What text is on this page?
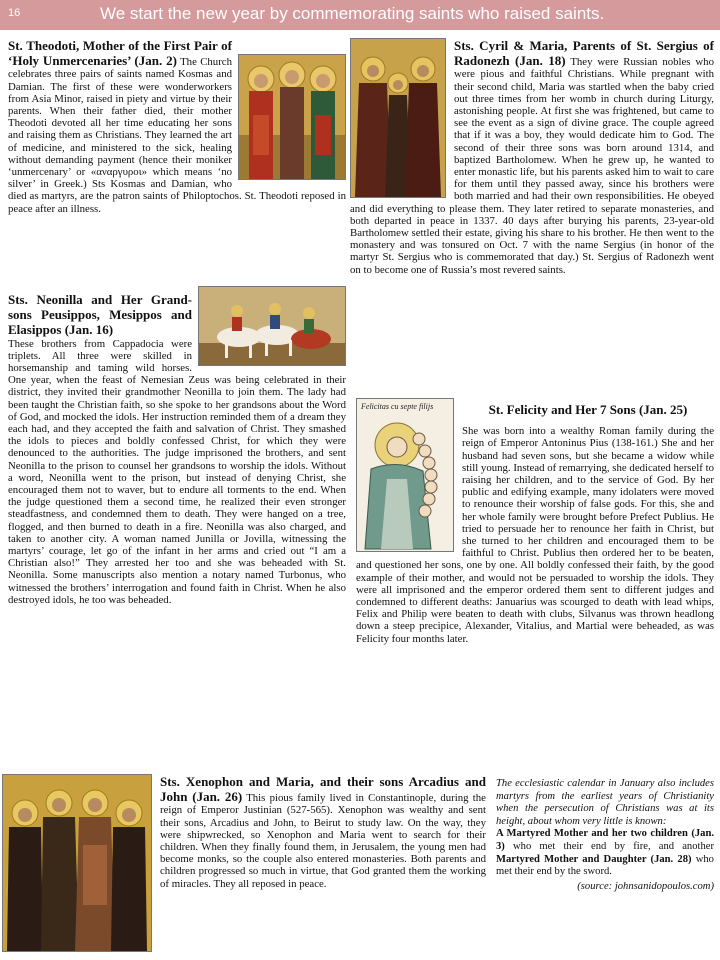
16	We start the new year by commemorating saints who raised saints.
St. Theodoti, Mother of the First Pair of ‘Holy Unmercenaries’ (Jan. 2) The Church celebrates three pairs of saints named Kosmas and Damian. The first of these were wonderworkers from Asia Minor, raised in piety and virtue by their parents. When their father died, their mother Theodoti devoted all her time educating her sons and raising them as Christians. They learned the art of medicine, and ministered to the sick, healing without demanding payment (hence their moniker ‘unmercenary’ or «αναργυροι» which means ‘no silver’ in Greek.) Sts Kosmas and Damian, who died as martyrs, are the patron saints of Philoptochos. St. Theodoti reposed in peace after an illness.
Sts. Neonilla and Her Grand-sons Peusippos, Mesippos and Elasippos (Jan. 16)
These brothers from Cappadocia were triplets. All three were skilled in horsemanship and taming wild horses. One year, when the feast of Nemesian Zeus was being celebrated in their district, they invited their grandmother Neonilla to join them. The lady had been taught the Christian faith, so she spoke to her grandsons about the Word of God, and mocked the idols. Her instruction reminded them of a dream they each had, and they accepted the faith and salvation of Christ. They smashed the idols to pieces and boldly confessed Christ, for which they were denounced to the authorities. The judge imprisoned the brothers, and sent Neonilla to the prison to counsel her grandsons to worship the idols. Without a word, Neonilla went to the prison, but instead of denying Christ, she encouraged them not to waver, but to endure all torments to the end. When the judge questioned them a second time, he realized their even stronger steadfastness, and condemned them to death. They were hanged on a tree, flogged, and then burned to death in a fire. Neonilla was also charged, and taken to another city. A woman named Junilla or Jovilla, witnessing the martyrs’ courage, let go of the infant in her arms and cried out “I am a Christian also!” They arrested her too and she was beheaded with St. Neonilla. Some manuscripts also mention a notary named Turbonus, who witnessed the brothers’ interrogation and found faith in Christ. When he also destroyed idols, he too was beheaded.
Sts. Cyril & Maria, Parents of St. Sergius of Radonezh (Jan. 18) They were Russian nobles who were pious and faithful Christians. While pregnant with their second child, Maria was startled when the baby cried out three times from her womb in church during Liturgy, astonishing people. At first she was frightened, but came to see the event as a sign of divine grace. The couple agreed that if it was a boy, they would dedicate him to God. The second of their three sons was born around 1314, and baptized Bartholomew. When he grew up, he wanted to enter monastic life, but his parents asked him to wait to care for them until they passed away, since his brothers were both married and had their own responsibilities. He obeyed and did everything to please them. They later retired to separate monasteries, and both departed in peace in 1337. 40 days after burying his parents, 23-year-old Bartholomew settled their estate, giving his share to his brother. He then went to the monastery and was tonsured on Oct. 7 with the name Sergius (in honor of the martyr St. Sergius who is commemorated that day.) St. Sergius of Radonezh went on to become one of Russia’s most revered saints.
Felicitas cu septe filijs	St. Felicity and Her 7 Sons (Jan. 25)
She was born into a wealthy Roman family during the reign of Emperor Antoninus Pius (138-161.) She and her husband had seven sons, but she became a widow while still young. Instead of remarrying, she dedicated herself to raising her children, and to the service of God. By her public and edifying example, many idolaters were moved to renounce their worship of false gods. For this, she and her whole family were brought before Prefect Publius. He tried to persuade her to renounce her faith in Christ, but she turned to her children and encouraged them to be faithful to Christ. Publius then ordered her to be beaten, and questioned her sons, one by one. All boldly confessed their faith, by the good example of their mother, and would not be persuaded to worship the idols. They were all imprisoned and the emperor ordered them sent to different judges and condemned to different deaths: Januarius was scourged to death with lead whips, Felix and Philip were beaten to death with clubs, Silvanus was thrown headlong down a steep precipice, Alexander, Vitalius, and Martial were beheaded, as was Felicity four months later.
Sts. Xenophon and Maria, and their sons Arcadius and John (Jan. 26) This pious family lived in Constantinople, during the reign of Emperor Justinian (527-565). Xenophon was wealthy and sent their sons, Arcadius and John, to Beirut to study law. On the way, they were shipwrecked, so Xenophon and Maria went to search for their children. When they finally found them, in Jerusalem, the young men had become monks, so the couple also entered monasteries. Both parents and children progressed so much in virtue, that God granted them the working of miracles. They all reposed in peace.
The ecclesiastic calendar in January also includes martyrs from the earliest years of Christianity when the persecution of Christians was at its height, about whom very little is known:
A Martyred Mother and her two children (Jan. 3) who met their end by fire, and another Martyred Mother and Daughter (Jan. 28) who met their end by the sword.
(source: johnsanidopoulos.com)
